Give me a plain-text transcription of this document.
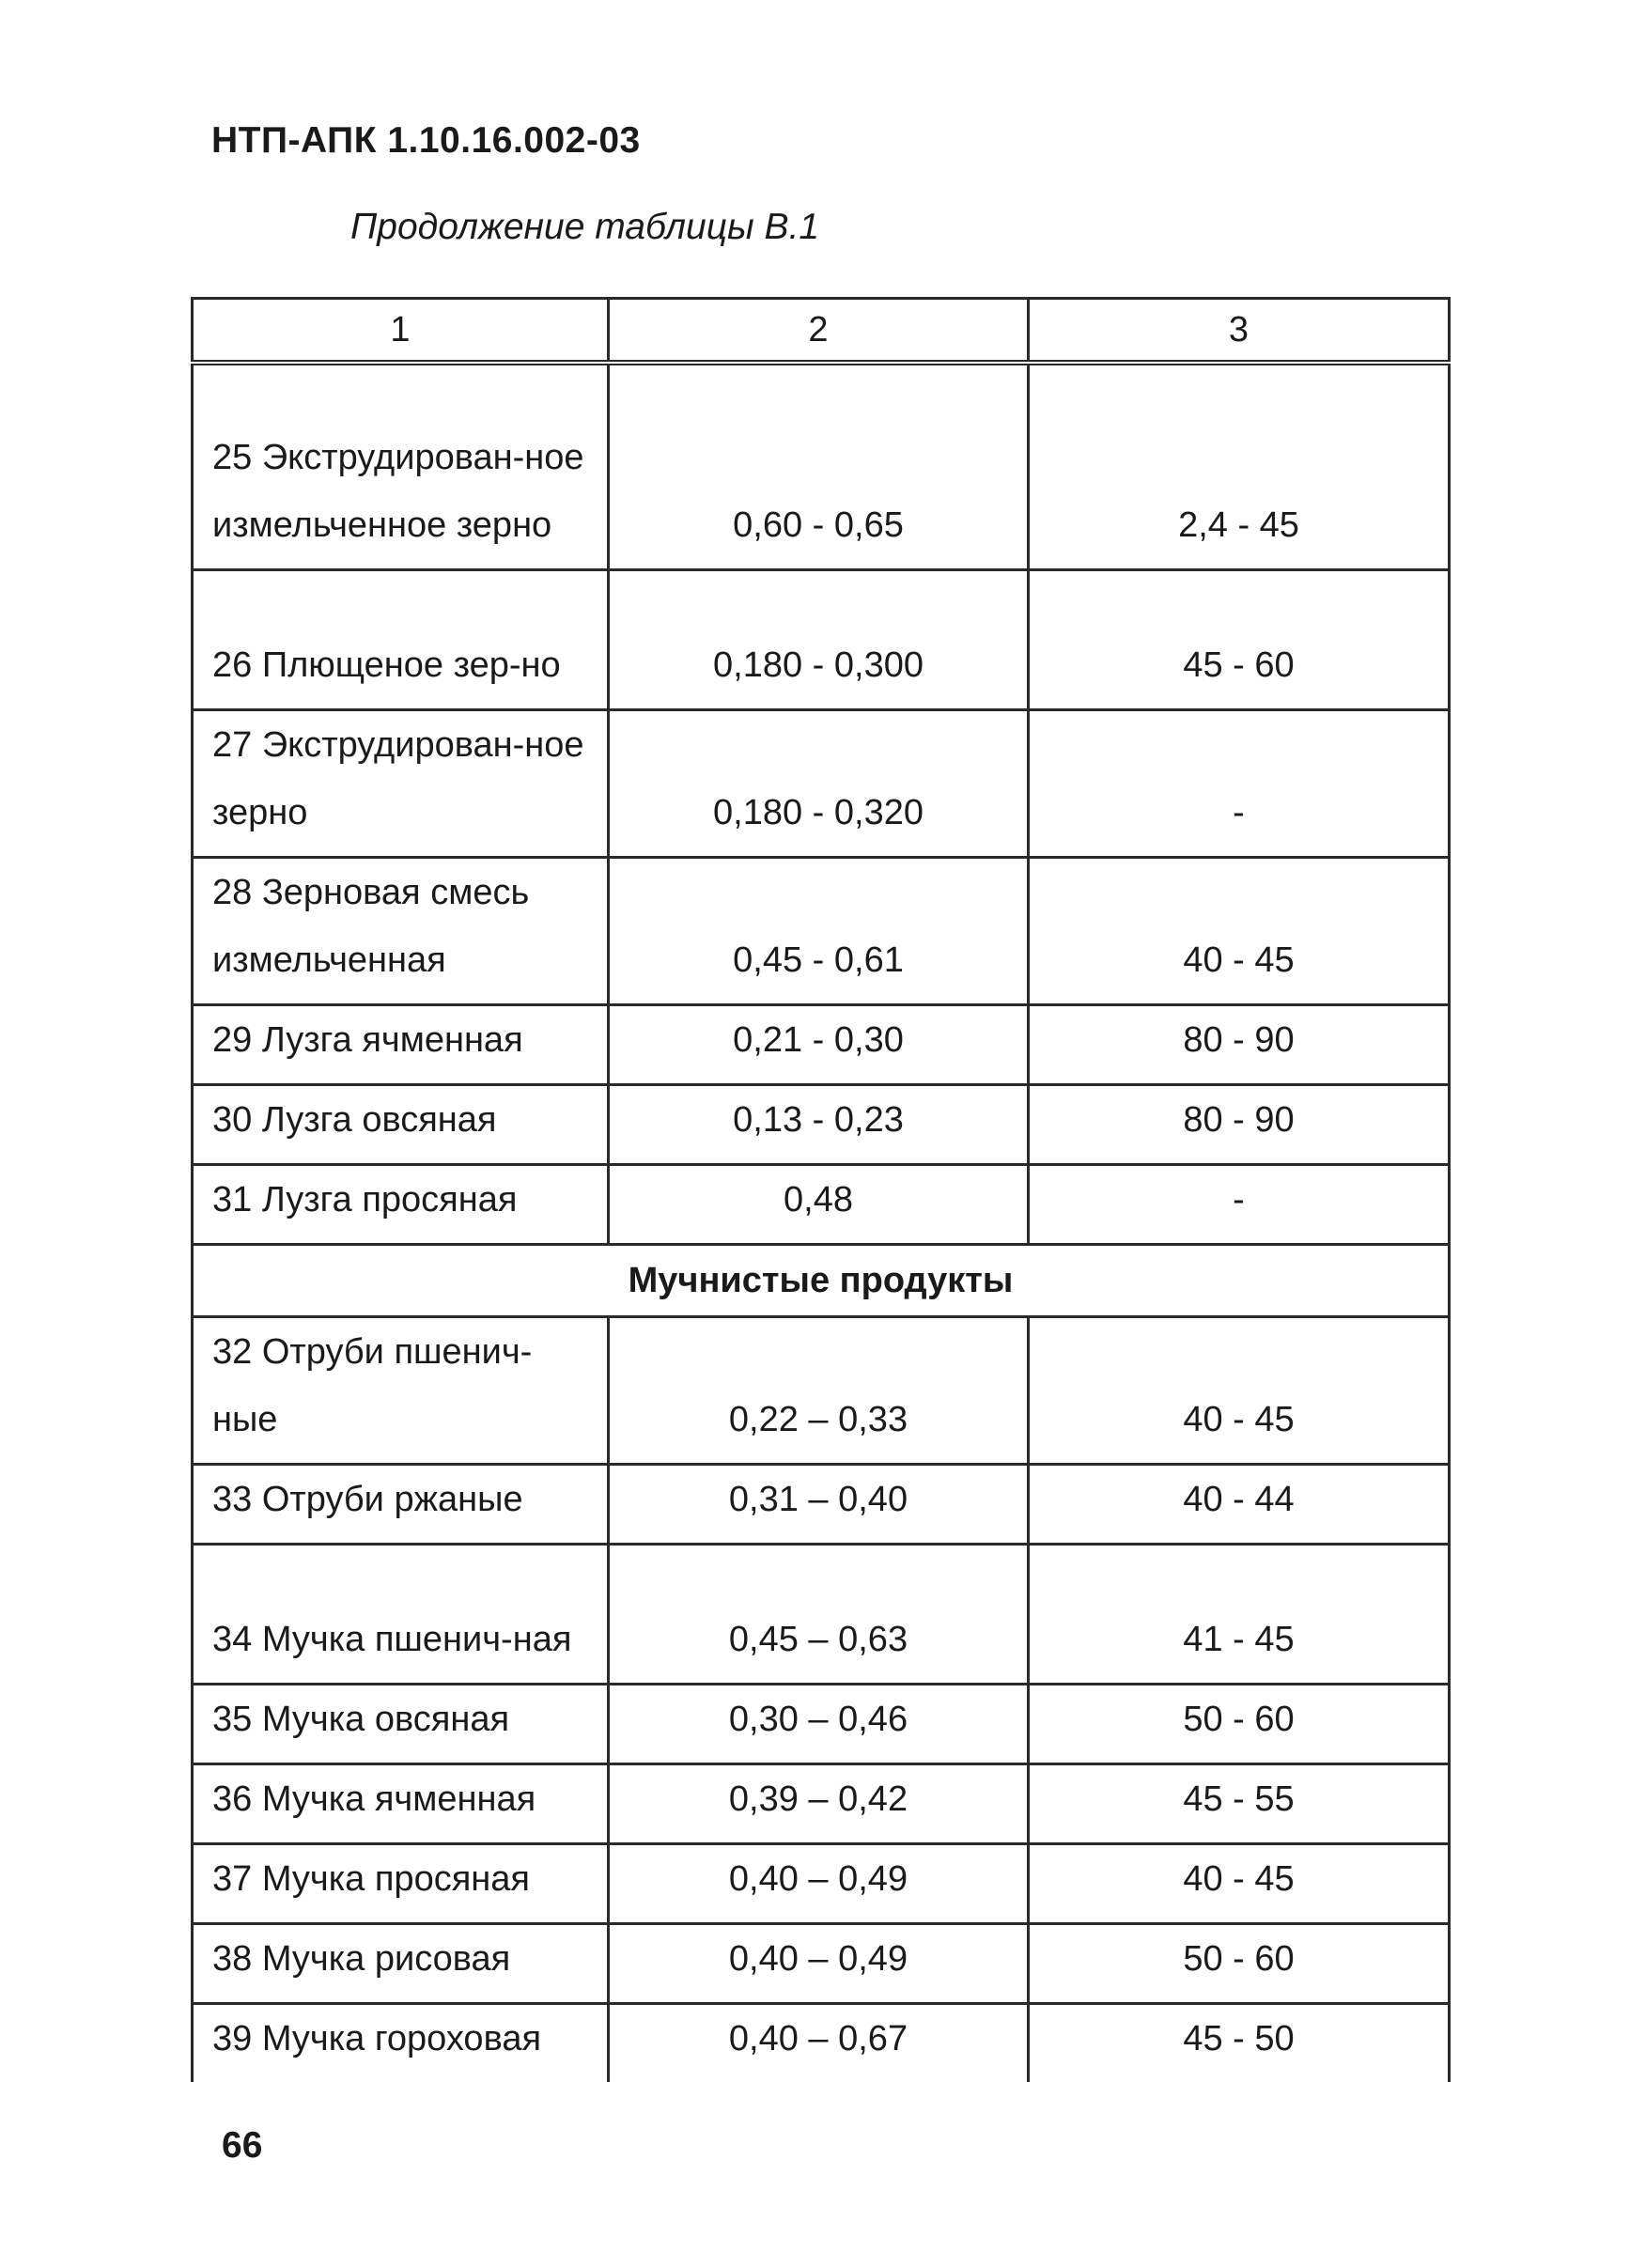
НТП-АПК 1.10.16.002-03
Продолжение таблицы В.1
1	2	3
25 Экструдирован-ное измельченное зерно	0,60 - 0,65	2,4 - 45
26 Плющеное зер-но	0,180 - 0,300	45 - 60
27 Экструдирован-ное зерно	0,180 - 0,320	-
28 Зерновая смесь измельченная	0,45 - 0,61	40 - 45
29 Лузга ячменная	0,21 - 0,30	80 - 90
30 Лузга овсяная	0,13 - 0,23	80 - 90
31 Лузга просяная	0,48	-
Мучнистые продукты		
32 Отруби пшенич-ные	0,22 – 0,33	40 - 45
33 Отруби ржаные	0,31 – 0,40	40 - 44
34 Мучка пшенич-ная	0,45 – 0,63	41 - 45
35 Мучка овсяная	0,30 – 0,46	50 - 60
36 Мучка ячменная	0,39 – 0,42	45 - 55
37 Мучка просяная	0,40 – 0,49	40 - 45
38 Мучка рисовая	0,40 – 0,49	50 - 60
39 Мучка гороховая	0,40 – 0,67	45 - 50
66
